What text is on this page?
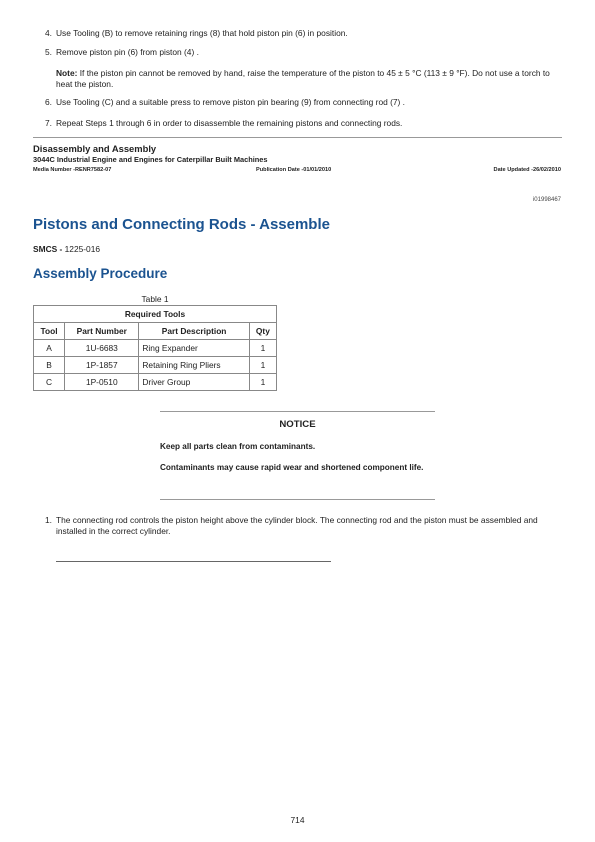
4. Use Tooling (B) to remove retaining rings (8) that hold piston pin (6) in position.
5. Remove piston pin (6) from piston (4) .
Note: If the piston pin cannot be removed by hand, raise the temperature of the piston to 45 ± 5 °C (113 ± 9 °F). Do not use a torch to heat the piston.
6. Use Tooling (C) and a suitable press to remove piston pin bearing (9) from connecting rod (7) .
7. Repeat Steps 1 through 6 in order to disassemble the remaining pistons and connecting rods.
Disassembly and Assembly
3044C Industrial Engine and Engines for Caterpillar Built Machines
Media Number -RENR7582-07	Publication Date -01/01/2010	Date Updated -26/02/2010
i01998467
Pistons and Connecting Rods - Assemble
SMCS - 1225-016
Assembly Procedure
Table 1
Required Tools			
Tool	Part Number	Part Description	Qty
A	1U-6683	Ring Expander	1
B	1P-1857	Retaining Ring Pliers	1
C	1P-0510	Driver Group	1
NOTICE
Keep all parts clean from contaminants.
Contaminants may cause rapid wear and shortened component life.
1. The connecting rod controls the piston height above the cylinder block. The connecting rod and the piston must be assembled and installed in the correct cylinder.
714
